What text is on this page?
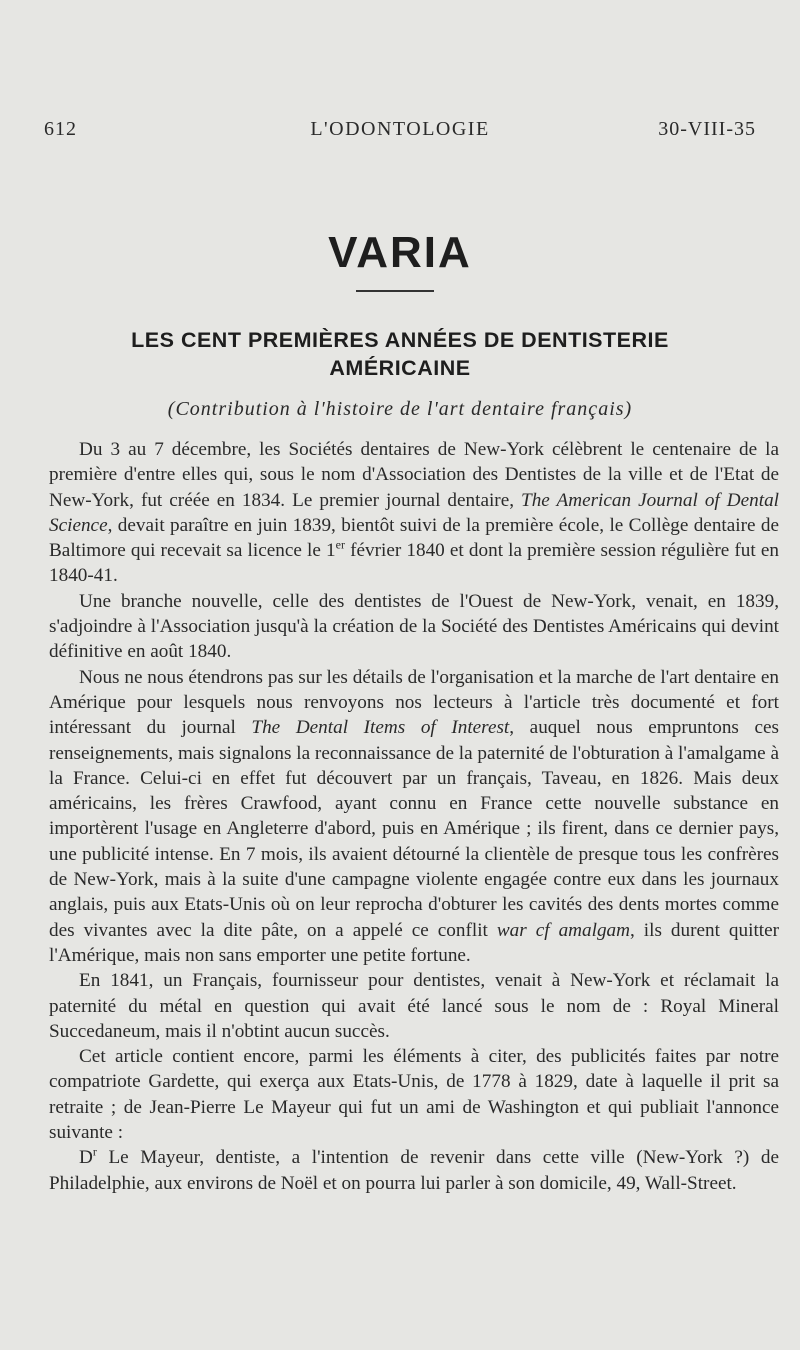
612	L'ODONTOLOGIE	30-VIII-35
VARIA
LES CENT PREMIÈRES ANNÉES DE DENTISTERIE AMÉRICAINE
(Contribution à l'histoire de l'art dentaire français)

Du 3 au 7 décembre, les Sociétés dentaires de New-York célèbrent le centenaire de la première d'entre elles qui, sous le nom d'Association des Dentistes de la ville et de l'Etat de New-York, fut créée en 1834. Le premier journal dentaire, The American Journal of Dental Science, devait paraître en juin 1839, bientôt suivi de la première école, le Collège dentaire de Baltimore qui recevait sa licence le 1er février 1840 et dont la première session régulière fut en 1840-41.

Une branche nouvelle, celle des dentistes de l'Ouest de New-York, venait, en 1839, s'adjoindre à l'Association jusqu'à la création de la Société des Dentistes Américains qui devint définitive en août 1840.

Nous ne nous étendrons pas sur les détails de l'organisation et la marche de l'art dentaire en Amérique pour lesquels nous renvoyons nos lecteurs à l'article très documenté et fort intéressant du journal The Dental Items of Interest, auquel nous empruntons ces renseignements, mais signalons la reconnaissance de la paternité de l'obturation à l'amalgame à la France. Celui-ci en effet fut découvert par un français, Taveau, en 1826. Mais deux américains, les frères Crawfood, ayant connu en France cette nouvelle substance en importèrent l'usage en Angleterre d'abord, puis en Amérique ; ils firent, dans ce dernier pays, une publicité intense. En 7 mois, ils avaient détourné la clientèle de presque tous les confrères de New-York, mais à la suite d'une campagne violente engagée contre eux dans les journaux anglais, puis aux Etats-Unis où on leur reprocha d'obturer les cavités des dents mortes comme des vivantes avec la dite pâte, on a appelé ce conflit war cf amalgam, ils durent quitter l'Amérique, mais non sans emporter une petite fortune.

En 1841, un Français, fournisseur pour dentistes, venait à New-York et réclamait la paternité du métal en question qui avait été lancé sous le nom de : Royal Mineral Succedaneum, mais il n'obtint aucun succès.

Cet article contient encore, parmi les éléments à citer, des publicités faites par notre compatriote Gardette, qui exerça aux Etats-Unis, de 1778 à 1829, date à laquelle il prit sa retraite ; de Jean-Pierre Le Mayeur qui fut un ami de Washington et qui publiait l'annonce suivante :

$D^r$ Le Mayeur, dentiste, a l'intention de revenir dans cette ville (New-York ?) de Philadelphie, aux environs de Noël et on pourra lui parler à son domicile, 49, Wall-Street.
